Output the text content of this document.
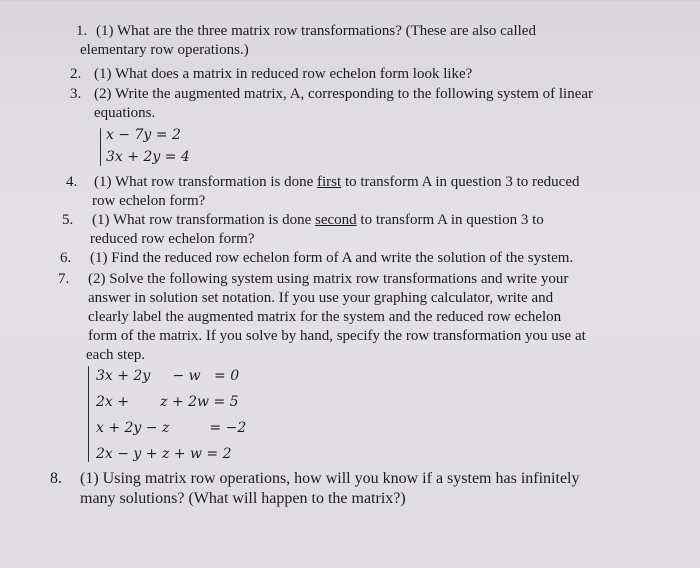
1. (1) What are the three matrix row transformations? (These are also called
elementary row operations.)
2. (1) What does a matrix in reduced row echelon form look like?
3. (2) Write the augmented matrix, A, corresponding to the following system of linear
equations.
x − 7y = 2
3x + 2y = 4
4. (1) What row transformation is done first to transform A in question 3 to reduced
row echelon form?
5. (1) What row transformation is done second to transform A in question 3 to
reduced row echelon form?
6. (1) Find the reduced row echelon form of A and write the solution of the system.
7. (2) Solve the following system using matrix row transformations and write your
answer in solution set notation. If you use your graphing calculator, write and
clearly label the augmented matrix for the system and the reduced row echelon
form of the matrix. If you solve by hand, specify the row transformation you use at
each step.
3x + 2y     − w   = 0
2x +       z + 2w = 5
x + 2y − z         = −2
2x − y + z + w = 2
8. (1) Using matrix row operations, how will you know if a system has infinitely
many solutions? (What will happen to the matrix?)
